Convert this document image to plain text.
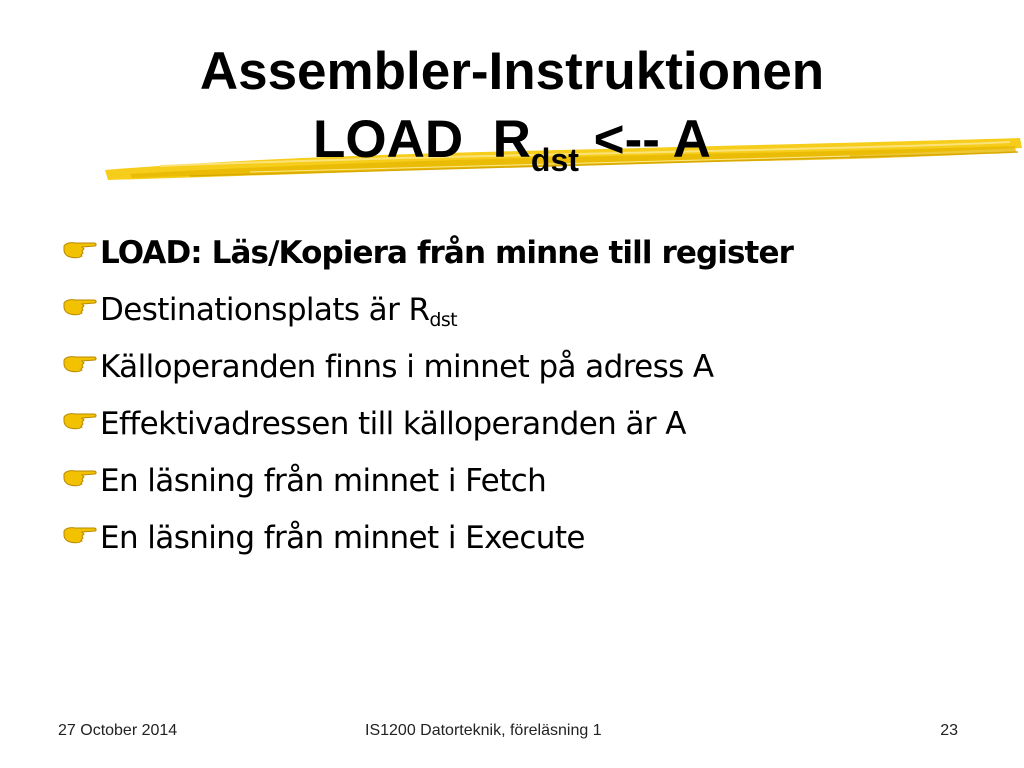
Assembler-Instruktionen
LOAD  $R_{dst}$ <-- A
LOAD: Läs/Kopiera från minne till register
Destinationsplats är R dst
Källoperanden finns i minnet på adress A
Effektivadressen till källoperanden är A
En läsning från minnet i Fetch
En läsning från minnet i Execute
27 October 2014	IS1200 Datorteknik, föreläsning 1	23
